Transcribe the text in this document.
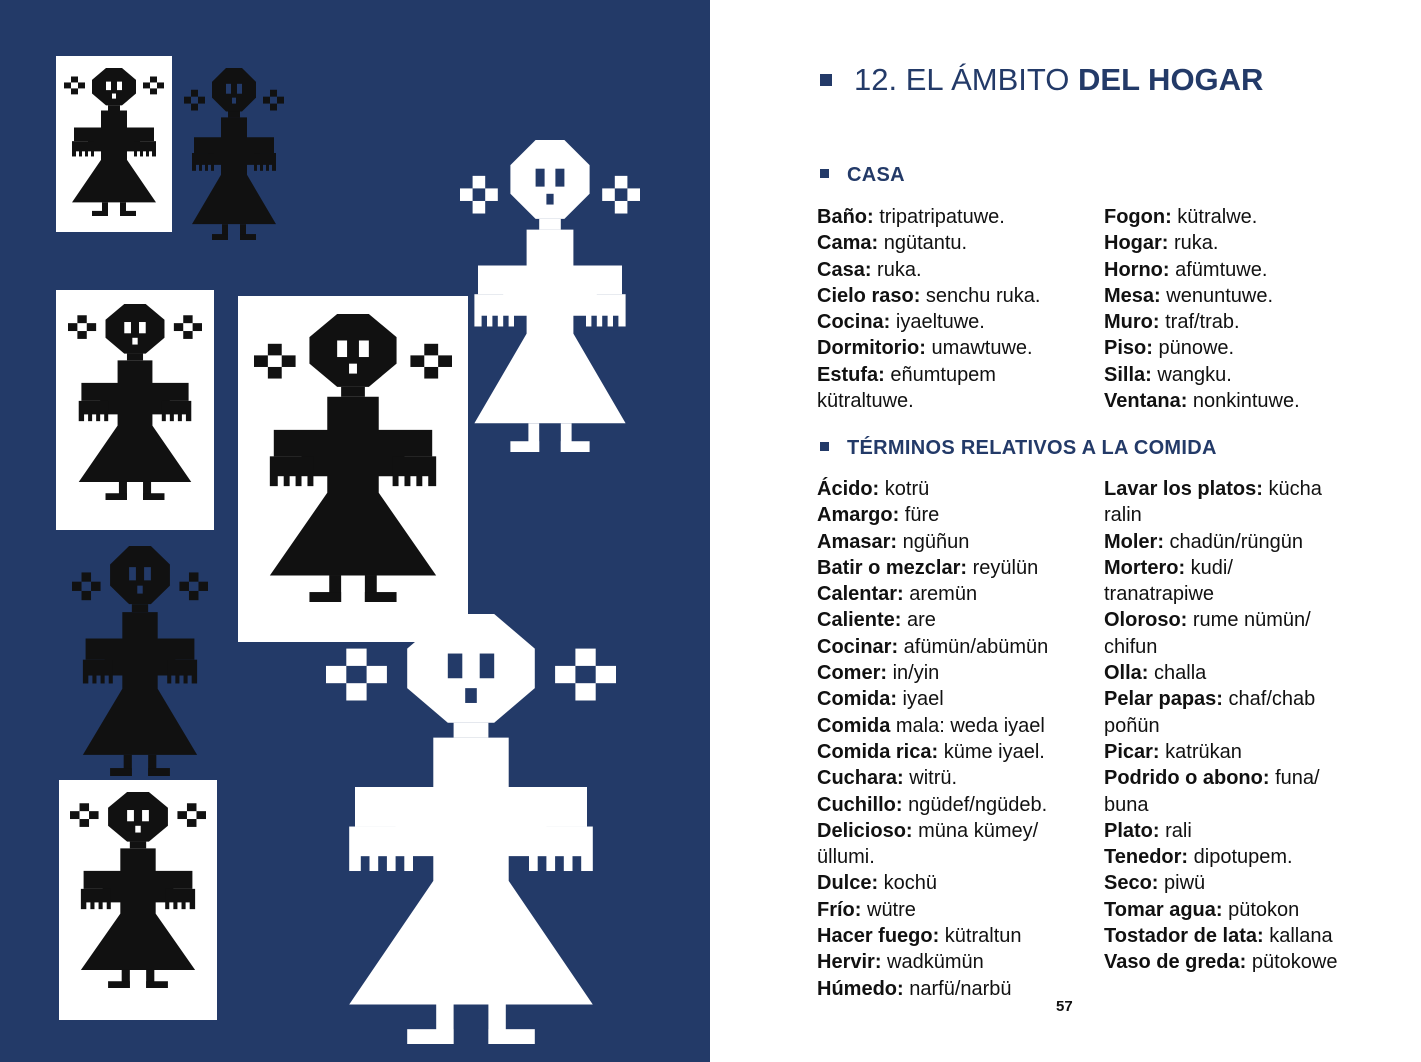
12. EL ÁMBITO DEL HOGAR
CASA
Baño: tripatripatuwe.
Cama: ngütantu.
Casa: ruka.
Cielo raso: senchu ruka.
Cocina: iyaeltuwe.
Dormitorio: umawtuwe.
Estufa: eñumtupem
kütraltuwe.
Fogon: kütralwe.
Hogar: ruka.
Horno: afümtuwe.
Mesa: wenuntuwe.
Muro: traf/trab.
Piso: pünowe.
Silla: wangku.
Ventana: nonkintuwe.
TÉRMINOS RELATIVOS A LA COMIDA
Ácido: kotrü
Amargo: füre
Amasar: ngüñun
Batir o mezclar: reyülün
Calentar: aremün
Caliente: are
Cocinar: afümün/abümün
Comer: in/yin
Comida: iyael
Comida mala: weda iyael
Comida rica: küme iyael.
Cuchara: witrü.
Cuchillo: ngüdef/ngüdeb.
Delicioso: müna kümey/
üllumi.
Dulce: kochü
Frío: wütre
Hacer fuego: kütraltun
Hervir: wadkümün
Húmedo: narfü/narbü
Lavar los platos: kücha
ralin
Moler: chadün/rüngün
Mortero: kudi/
tranatrapiwe
Oloroso: rume nümün/
chifun
Olla: challa
Pelar papas: chaf/chab
poñün
Picar: katrükan
Podrido o abono: funa/
buna
Plato: rali
Tenedor: dipotupem.
Seco: piwü
Tomar agua: pütokon
Tostador de lata: kallana
Vaso de greda: pütokowe
57
